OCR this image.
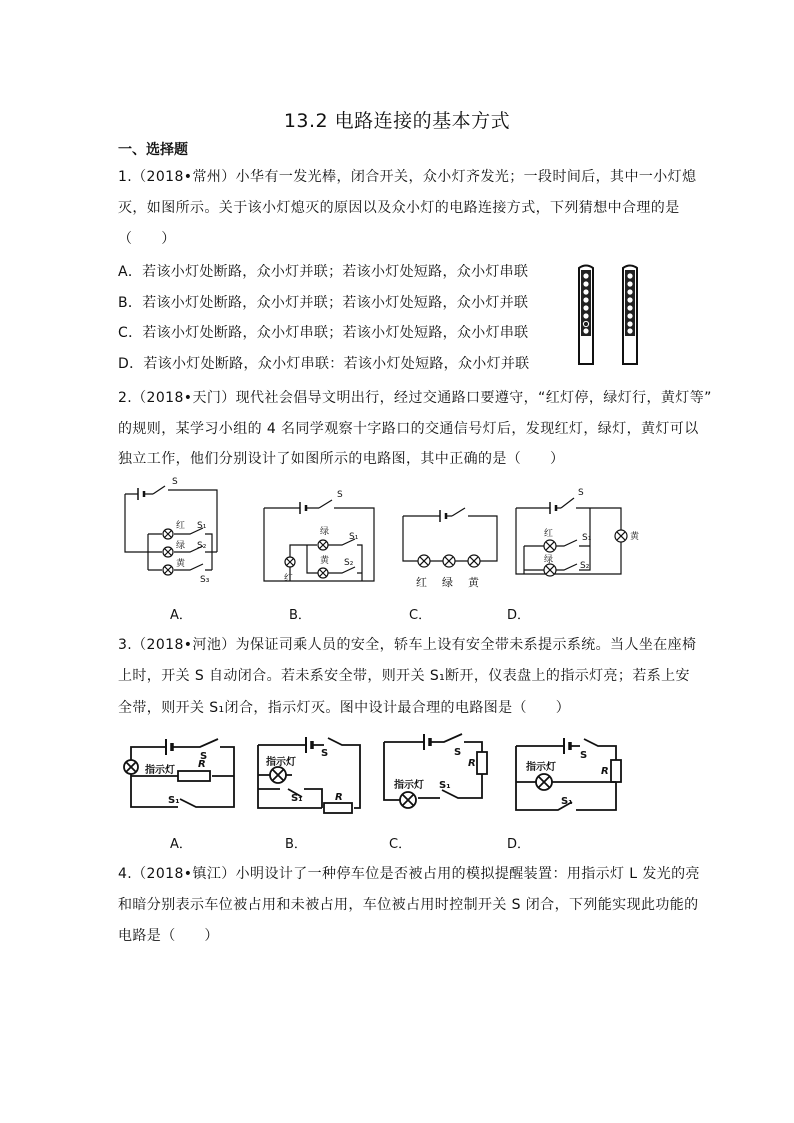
13.2 电路连接的基本方式
一、选择题
1.（2018•常州）小华有一发光棒，闭合开关，众小灯齐发光；一段时间后，其中一小灯熄
灭，如图所示。关于该小灯熄灭的原因以及众小灯的电路连接方式，下列猜想中合理的是
（　　）
A．若该小灯处断路，众小灯并联；若该小灯处短路，众小灯串联
B．若该小灯处断路，众小灯并联；若该小灯处短路，众小灯并联
C．若该小灯处断路，众小灯串联；若该小灯处短路，众小灯串联
D．若该小灯处断路，众小灯串联：若该小灯处短路，众小灯并联
2.（2018•天门）现代社会倡导文明出行，经过交通路口要遵守，“红灯停，绿灯行，黄灯等”
的规则，某学习小组的 4 名同学观察十字路口的交通信号灯后，发现红灯，绿灯，黄灯可以
独立工作，他们分别设计了如图所示的电路图，其中正确的是（　　）
S
红
绿
黄
S₁
S₂
S₃
S
绿 S₁
黄 S₂
红	红 绿 黄
S
红	S₁
绿
S₂
黄
A．	B．	C．	D．
3.（2018•河池）为保证司乘人员的安全，轿车上设有安全带未系提示系统。当人坐在座椅
上时，开关 S 自动闭合。若未系安全带，则开关 S₁断开，仪表盘上的指示灯亮；若系上安
全带，则开关 S₁闭合，指示灯灭。图中设计最合理的电路图是（　　）
指示灯
R
S
S₁
指示灯
S
S₁	R
指示灯
S
R
S₁
指示灯
S
R
S₁
A．	B．	C．	D．
4.（2018•镇江）小明设计了一种停车位是否被占用的模拟提醒装置：用指示灯 L 发光的亮
和暗分别表示车位被占用和未被占用，车位被占用时控制开关 S 闭合，下列能实现此功能的
电路是（　　）
